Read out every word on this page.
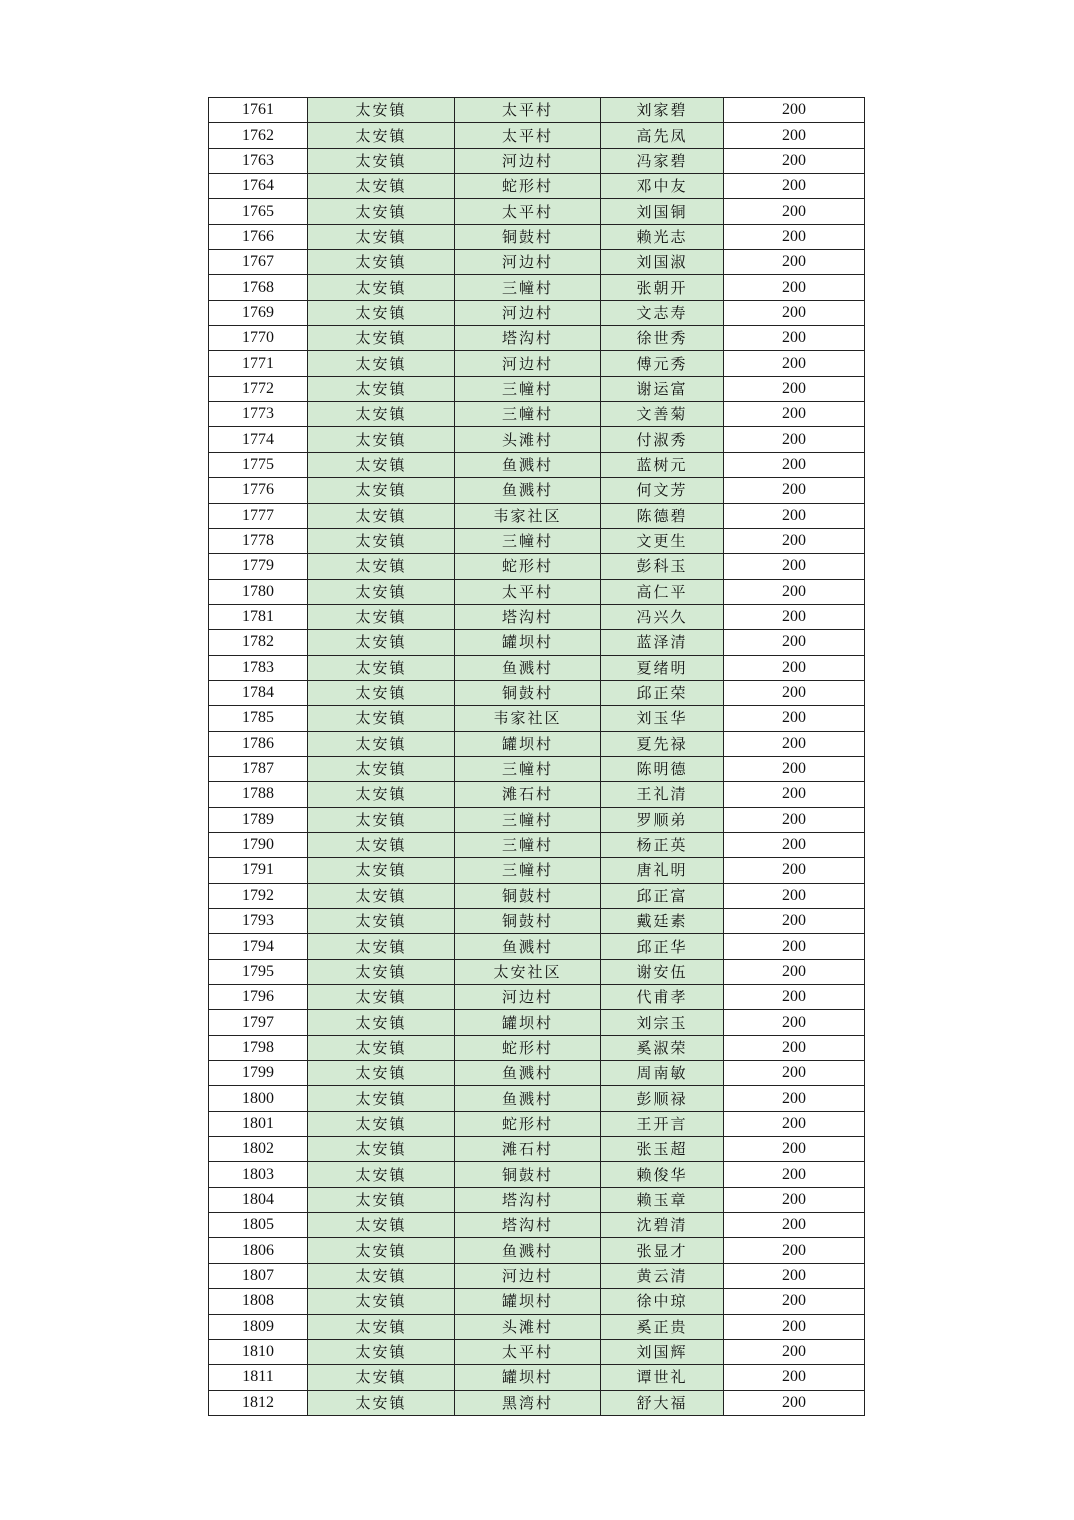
1761	太安镇	太平村	刘家碧	200
1762	太安镇	太平村	高先凤	200
1763	太安镇	河边村	冯家碧	200
1764	太安镇	蛇形村	邓中友	200
1765	太安镇	太平村	刘国铜	200
1766	太安镇	铜鼓村	赖光志	200
1767	太安镇	河边村	刘国淑	200
1768	太安镇	三幢村	张朝开	200
1769	太安镇	河边村	文志寿	200
1770	太安镇	塔沟村	徐世秀	200
1771	太安镇	河边村	傅元秀	200
1772	太安镇	三幢村	谢运富	200
1773	太安镇	三幢村	文善菊	200
1774	太安镇	头滩村	付淑秀	200
1775	太安镇	鱼溅村	蓝树元	200
1776	太安镇	鱼溅村	何文芳	200
1777	太安镇	韦家社区	陈德碧	200
1778	太安镇	三幢村	文更生	200
1779	太安镇	蛇形村	彭科玉	200
1780	太安镇	太平村	高仁平	200
1781	太安镇	塔沟村	冯兴久	200
1782	太安镇	罐坝村	蓝泽清	200
1783	太安镇	鱼溅村	夏绪明	200
1784	太安镇	铜鼓村	邱正荣	200
1785	太安镇	韦家社区	刘玉华	200
1786	太安镇	罐坝村	夏先禄	200
1787	太安镇	三幢村	陈明德	200
1788	太安镇	滩石村	王礼清	200
1789	太安镇	三幢村	罗顺弟	200
1790	太安镇	三幢村	杨正英	200
1791	太安镇	三幢村	唐礼明	200
1792	太安镇	铜鼓村	邱正富	200
1793	太安镇	铜鼓村	戴廷素	200
1794	太安镇	鱼溅村	邱正华	200
1795	太安镇	太安社区	谢安伍	200
1796	太安镇	河边村	代甫孝	200
1797	太安镇	罐坝村	刘宗玉	200
1798	太安镇	蛇形村	奚淑荣	200
1799	太安镇	鱼溅村	周南敏	200
1800	太安镇	鱼溅村	彭顺禄	200
1801	太安镇	蛇形村	王开言	200
1802	太安镇	滩石村	张玉超	200
1803	太安镇	铜鼓村	赖俊华	200
1804	太安镇	塔沟村	赖玉章	200
1805	太安镇	塔沟村	沈碧清	200
1806	太安镇	鱼溅村	张显才	200
1807	太安镇	河边村	黄云清	200
1808	太安镇	罐坝村	徐中琼	200
1809	太安镇	头滩村	奚正贵	200
1810	太安镇	太平村	刘国辉	200
1811	太安镇	罐坝村	谭世礼	200
1812	太安镇	黑湾村	舒大福	200
